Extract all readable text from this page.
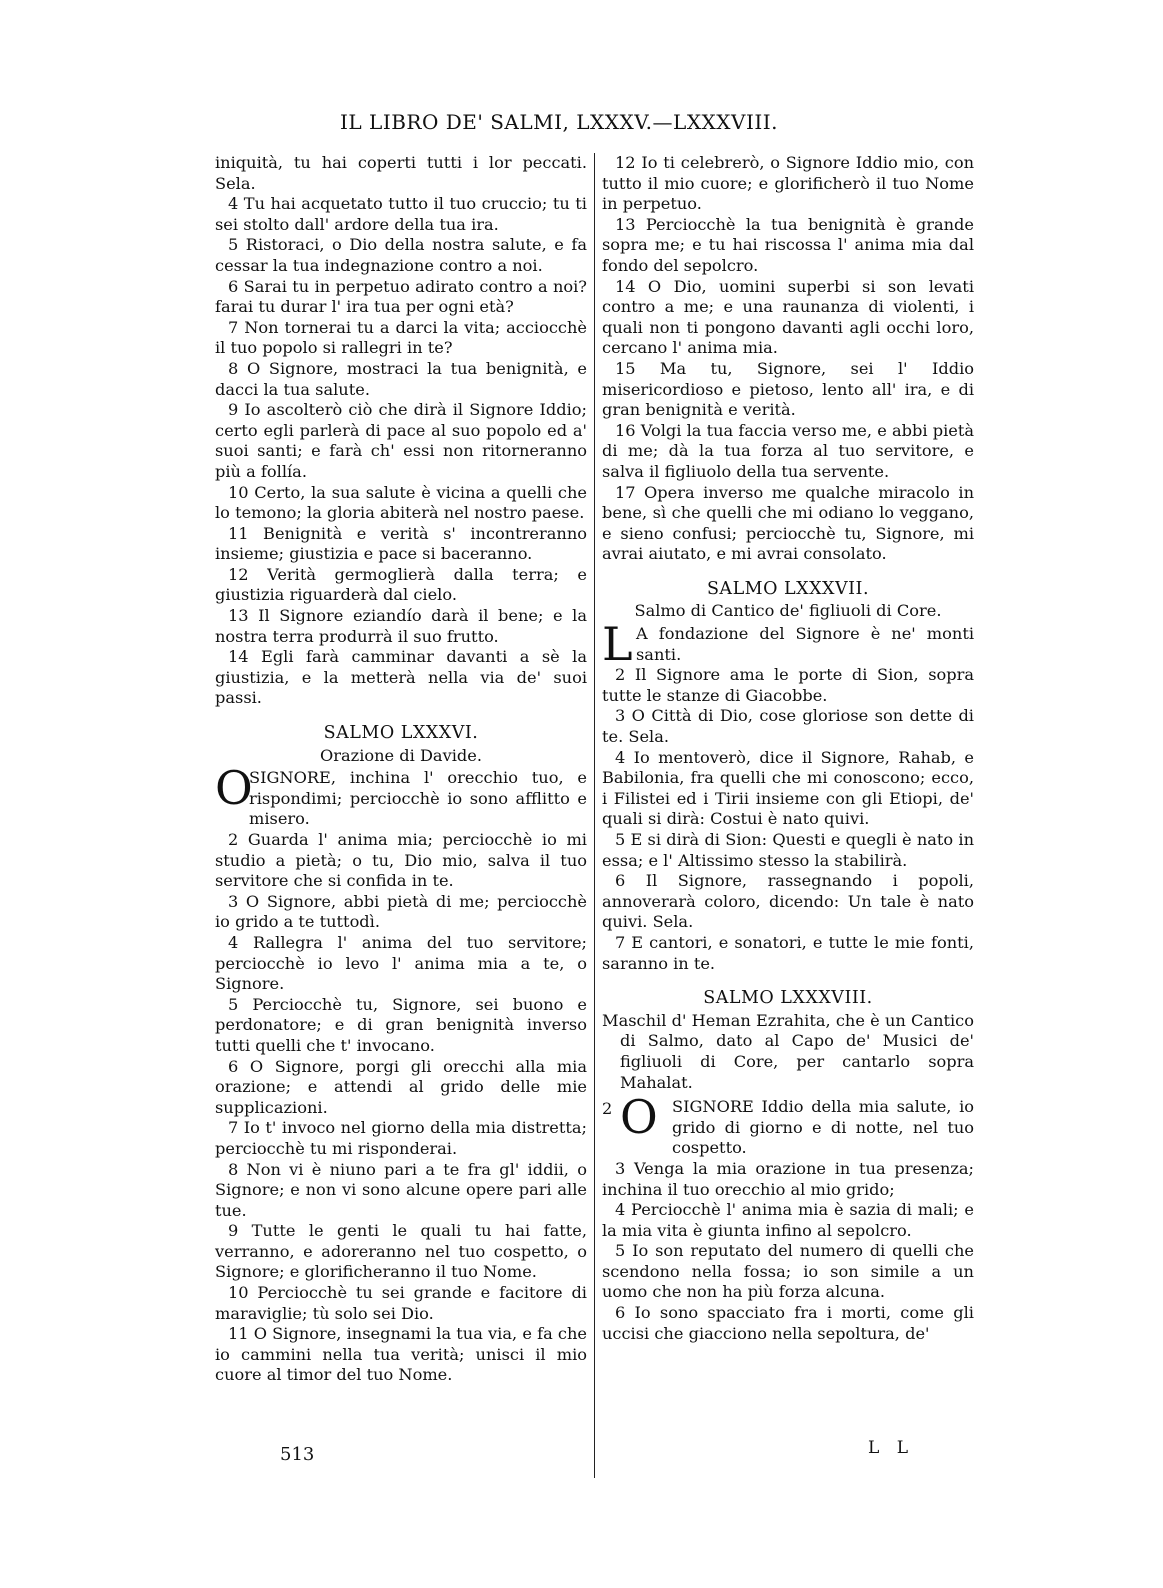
IL LIBRO DE' SALMI, LXXXV.—LXXXVIII.

iniquità, tu hai coperti tutti i lor peccati. Sela.

4 Tu hai acquetato tutto il tuo cruccio; tu ti sei stolto dall' ardore della tua ira.

5 Ristoraci, o Dio della nostra salute, e fa cessar la tua indegnazione contro a noi.

6 Sarai tu in perpetuo adirato contro a noi? farai tu durar l' ira tua per ogni età?

7 Non tornerai tu a darci la vita; acciocchè il tuo popolo si rallegri in te?

8 O Signore, mostraci la tua benignità, e dacci la tua salute.

9 Io ascolterò ciò che dirà il Signore Iddio; certo egli parlerà di pace al suo popolo ed a' suoi santi; e farà ch' essi non ritorneranno più a follía.

10 Certo, la sua salute è vicina a quelli che lo temono; la gloria abiterà nel nostro paese.

11 Benignità e verità s' incontreranno insieme; giustizia e pace si baceranno.

12 Verità germoglierà dalla terra; e giustizia riguarderà dal cielo.

13 Il Signore eziandío darà il bene; e la nostra terra produrrà il suo frutto.

14 Egli farà camminar davanti a sè la giustizia, e la metterà nella via de' suoi passi.

SALMO LXXXVI.
Orazione di Davide.

O
SIGNORE, inchina l' orecchio tuo, e rispondimi; perciocchè io sono afflitto e misero.

2 Guarda l' anima mia; perciocchè io mi studio a pietà; o tu, Dio mio, salva il tuo servitore che si confida in te.

3 O Signore, abbi pietà di me; perciocchè io grido a te tuttodì.

4 Rallegra l' anima del tuo servitore; perciocchè io levo l' anima mia a te, o Signore.

5 Perciocchè tu, Signore, sei buono e perdonatore; e di gran benignità inverso tutti quelli che t' invocano.

6 O Signore, porgi gli orecchi alla mia orazione; e attendi al grido delle mie supplicazioni.

7 Io t' invoco nel giorno della mia distretta; perciocchè tu mi risponderai.

8 Non vi è niuno pari a te fra gl' iddii, o Signore; e non vi sono alcune opere pari alle tue.

9 Tutte le genti le quali tu hai fatte, verranno, e adoreranno nel tuo cospetto, o Signore; e glorificheranno il tuo Nome.

10 Perciocchè tu sei grande e facitore di maraviglie; tù solo sei Dio.

11 O Signore, insegnami la tua via, e fa che io cammini nella tua verità; unisci il mio cuore al timor del tuo Nome.

12 Io ti celebrerò, o Signore Iddio mio, con tutto il mio cuore; e glorificherò il tuo Nome in perpetuo.

13 Perciocchè la tua benignità è grande sopra me; e tu hai riscossa l' anima mia dal fondo del sepolcro.

14 O Dio, uomini superbi si son levati contro a me; e una raunanza di violenti, i quali non ti pongono davanti agli occhi loro, cercano l' anima mia.

15 Ma tu, Signore, sei l' Iddio misericordioso e pietoso, lento all' ira, e di gran benignità e verità.

16 Volgi la tua faccia verso me, e abbi pietà di me; dà la tua forza al tuo servitore, e salva il figliuolo della tua servente.

17 Opera inverso me qualche miracolo in bene, sì che quelli che mi odiano lo veggano, e sieno confusi; perciocchè tu, Signore, mi avrai aiutato, e mi avrai consolato.

SALMO LXXXVII.
Salmo di Cantico de' figliuoli di Core.

L A fondazione del Signore è ne' monti santi.

2 Il Signore ama le porte di Sion, sopra tutte le stanze di Giacobbe.

3 O Città di Dio, cose gloriose son dette di te. Sela.

4 Io mentoverò, dice il Signore, Rahab, e Babilonia, fra quelli che mi conoscono; ecco, i Filistei ed i Tirii insieme con gli Etiopi, de' quali si dirà: Costui è nato quivi.

5 E si dirà di Sion: Questi e quegli è nato in essa; e l' Altissimo stesso la stabilirà.

6 Il Signore, rassegnando i popoli, annoverarà coloro, dicendo: Un tale è nato quivi. Sela.

7 E cantori, e sonatori, e tutte le mie fonti, saranno in te.

SALMO LXXXVIII.

Maschil d' Heman Ezrahita, che è un Cantico di Salmo, dato al Capo de' Musici de' figliuoli di Core, per cantarlo sopra Mahalat.

2 O SIGNORE Iddio della mia salute, io grido di giorno e di notte, nel tuo cospetto.

3 Venga la mia orazione in tua presenza; inchina il tuo orecchio al mio grido;

4 Perciocchè l' anima mia è sazia di mali; e la mia vita è giunta infino al sepolcro.

5 Io son reputato del numero di quelli che scendono nella fossa; io son simile a un uomo che non ha più forza alcuna.

6 Io sono spacciato fra i morti, come gli uccisi che giacciono nella sepoltura, de'

513	L L
